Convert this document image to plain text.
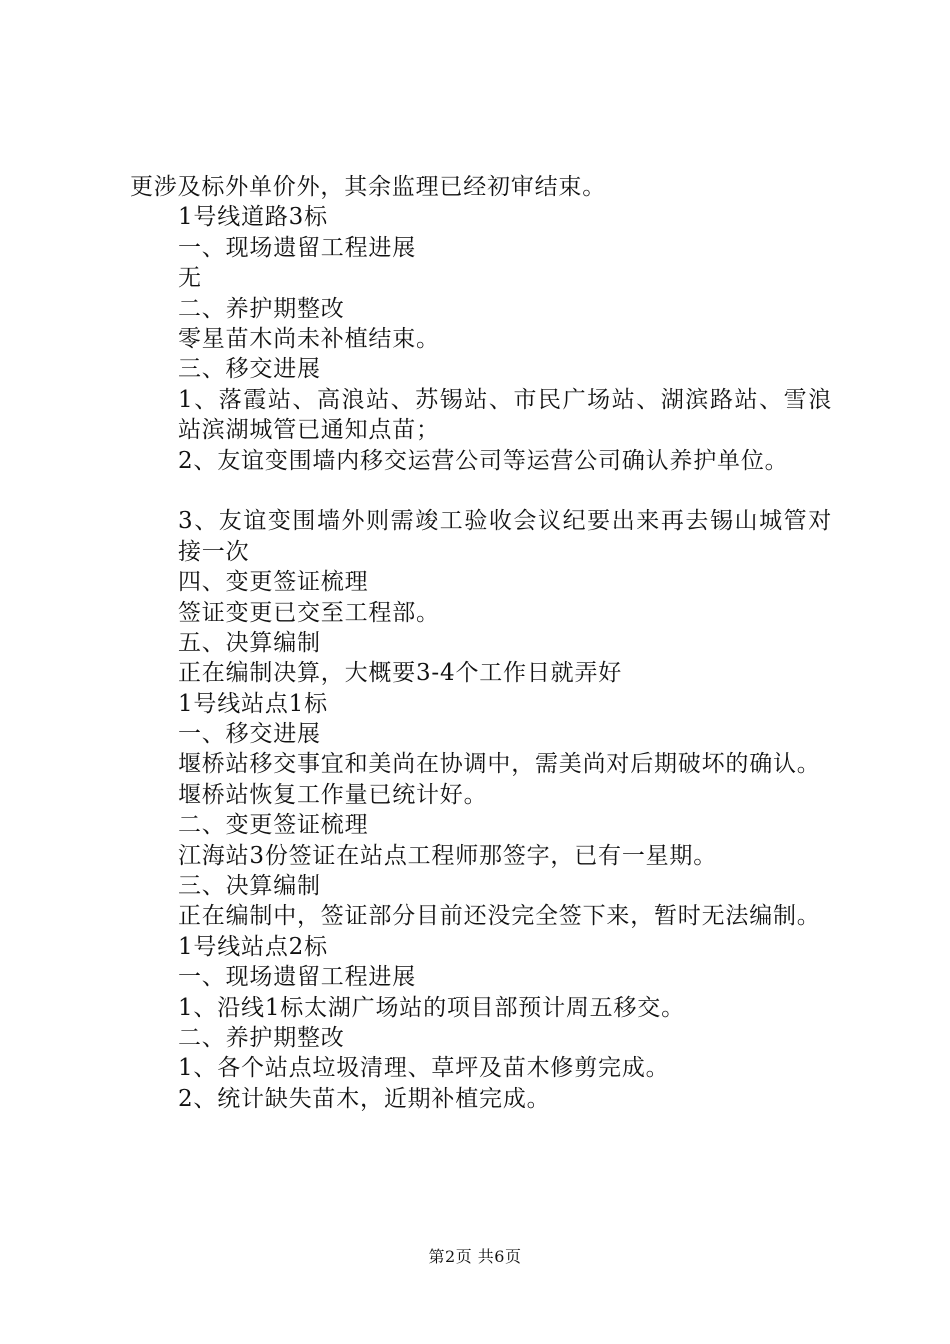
更涉及标外单价外，其余监理已经初审结束。

1号线道路3标

一、现场遗留工程进展

无

二、养护期整改

零星苗木尚未补植结束。

三、移交进展

1、落霞站、高浪站、苏锡站、市民广场站、湖滨路站、雪浪站滨湖城管已通知点苗；

2、友谊变围墙内移交运营公司等运营公司确认养护单位。

3、友谊变围墙外则需竣工验收会议纪要出来再去锡山城管对接一次

四、变更签证梳理

签证变更已交至工程部。

五、决算编制

正在编制决算，大概要3-4个工作日就弄好

1号线站点1标

一、移交进展

堰桥站移交事宜和美尚在协调中，需美尚对后期破坏的确认。

堰桥站恢复工作量已统计好。

二、变更签证梳理

江海站3份签证在站点工程师那签字，已有一星期。

三、决算编制

正在编制中，签证部分目前还没完全签下来，暂时无法编制。

1号线站点2标

一、现场遗留工程进展

1、沿线1标太湖广场站的项目部预计周五移交。

二、养护期整改

1、各个站点垃圾清理、草坪及苗木修剪完成。

2、统计缺失苗木，近期补植完成。

第2页 共6页
